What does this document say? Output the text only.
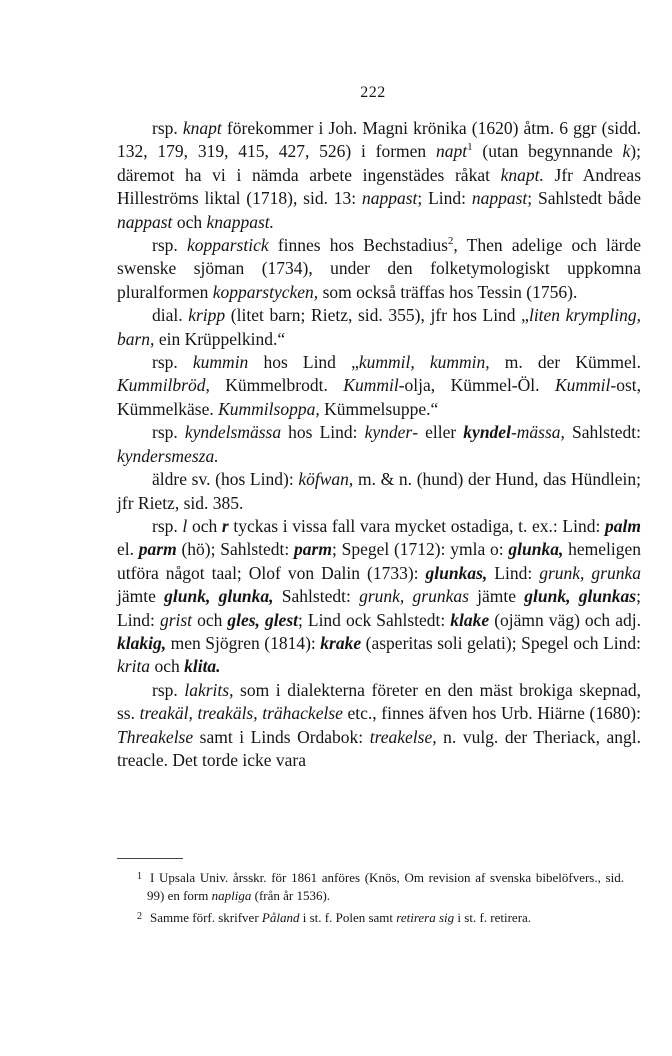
222

rsp. knapt förekommer i Joh. Magni krönika (1620) åtm. 6 ggr (sidd. 132, 179, 319, 415, 427, 526) i formen napt$^1$ (utan begynnande k); däremot ha vi i nämda arbete ingenstädes råkat knapt. Jfr Andreas Hilleströms liktal (1718), sid. 13: nappast; Lind: nappast; Sahlstedt både nappast och knappast.

rsp. kopparstick finnes hos Bechstadius$^2$, Then adelige och lärde swenske sjöman (1734), under den folketymologiskt uppkomna pluralformen kopparstycken, som också träffas hos Tessin (1756).

dial. kripp (litet barn; Rietz, sid. 355), jfr hos Lind „liten krympling, barn, ein Krüppelkind.“

rsp. kummin hos Lind „kummil, kummin, m. der Kümmel. Kummilbröd, Kümmelbrodt. Kummil-olja, Kümmel-Öl. Kummil-ost, Kümmelkäse. Kummilsoppa, Kümmelsuppe.“

rsp. kyndelsmässa hos Lind: kynder- eller kyndel-mässa, Sahlstedt: kyndersmesza.

äldre sv. (hos Lind): köfwan, m. & n. (hund) der Hund, das Hündlein; jfr Rietz, sid. 385.

rsp. l och r tyckas i vissa fall vara mycket ostadiga, t. ex.: Lind: palm el. parm (hö); Sahlstedt: parm; Spegel (1712): ymla o: glunka, hemeligen utföra något taal; Olof von Dalin (1733): glunkas, Lind: grunk, grunka jämte glunk, glunka, Sahlstedt: grunk, grunkas jämte glunk, glunkas; Lind: grist och gles, glest; Lind ock Sahlstedt: klake (ojämn väg) och adj. klakig, men Sjögren (1814): krake (asperitas soli gelati); Spegel och Lind: krita och klita.

rsp. lakrits, som i dialekterna företer en den mäst brokiga skepnad, ss. treakäl, treakäls, trähackelse etc., finnes äfven hos Urb. Hiärne (1680): Threakelse samt i Linds Ordabok: treakelse, n. vulg. der Theriack, angl. treacle. Det torde icke vara

$^1$ I Upsala Univ. årsskr. för 1861 anföres (Knös, Om revision af svenska bibelöfvers., sid. 99) en form napliga (från år 1536).

$^2$ Samme förf. skrifver Påland i st. f. Polen samt retirera sig i st. f. retirera.
